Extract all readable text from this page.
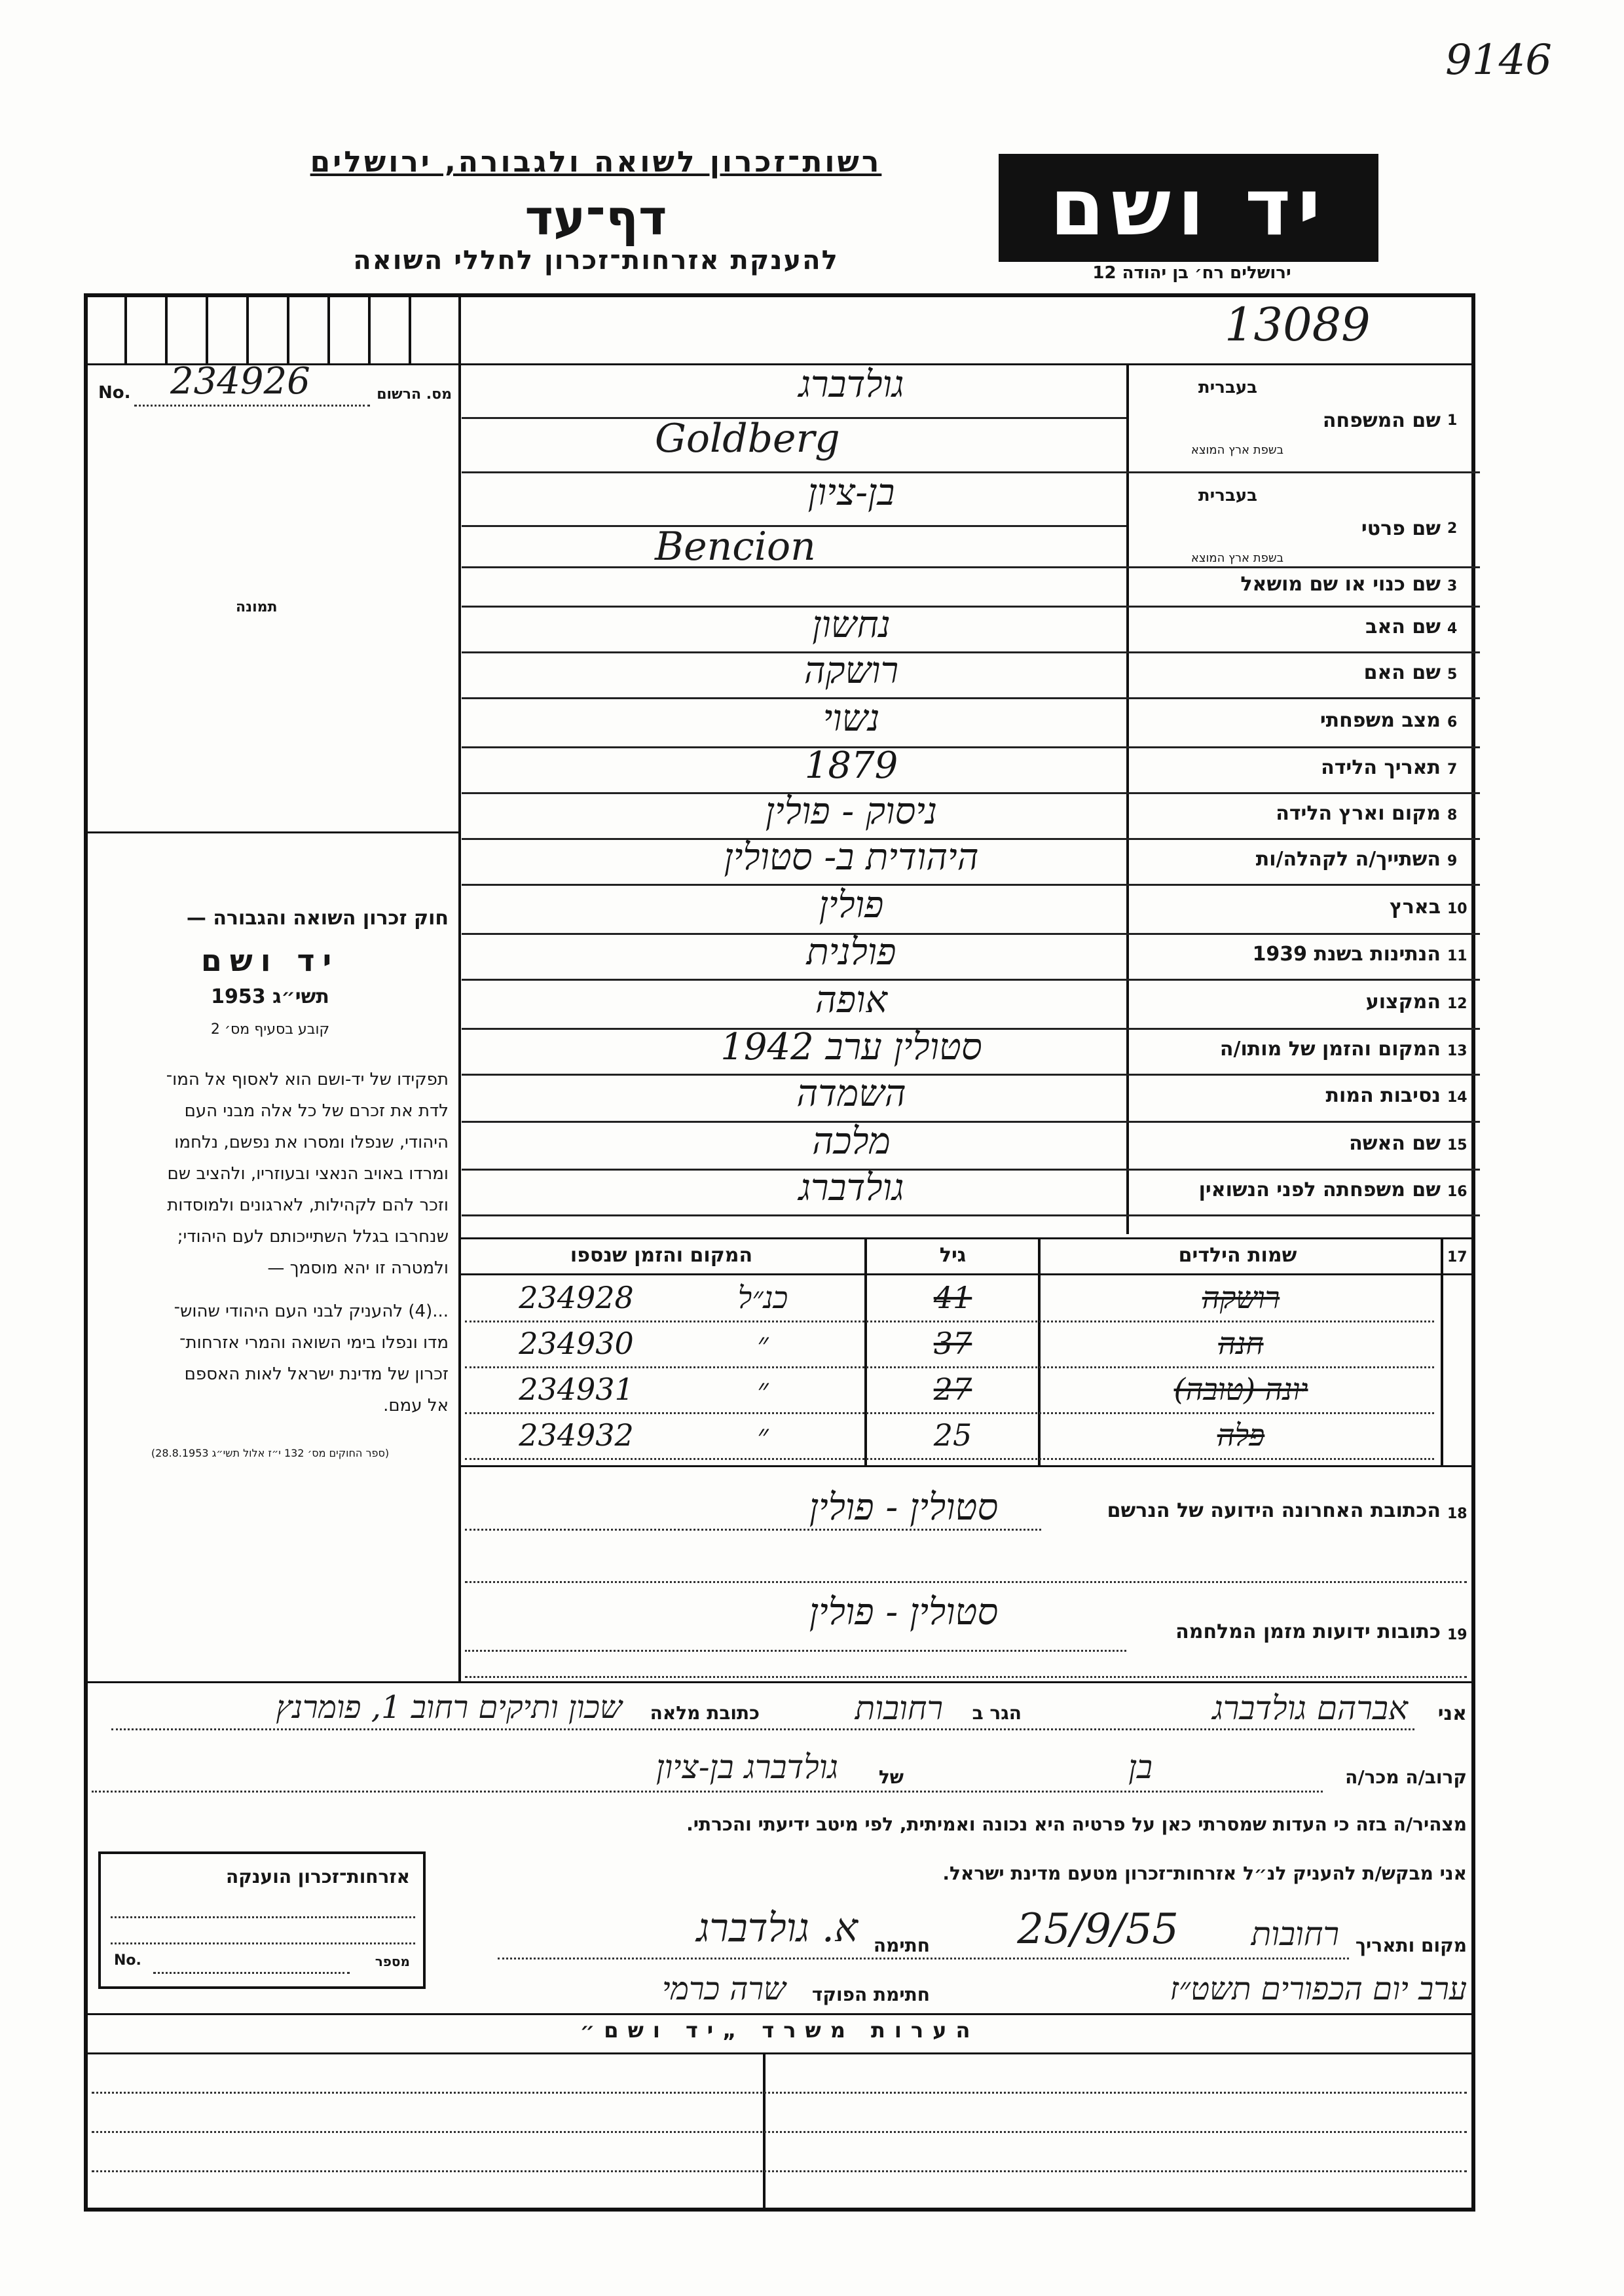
9146
רשות־זכרון לשואה ולגבורה, ירושלים
דף־עד
להענקת אזרחות־זכרון לחללי השואה
יד ושם
ירושלים רח׳ בן יהודה 12
13089
No. 234926	מס. הרשום
תמונה
1
שם המשפחה
בעברית
בשפת ארץ המוצא
Goldberg
גולדברג
2
שם פרטי
בעברית
בשפת ארץ המוצא
Bencion
בן-ציון
3
שם כנוי או שם מושאל
4
שם האב
נחשון
5
שם האם
רושקה
6
מצב משפחתי
נשוי
7
תאריך הלידה
1879
8
מקום וארץ הלידה
ניסוק - פולין
9
השתייך/ה לקהלה/ות
היהודית ב- סטולין
10
בארץ
פולין
11
הנתינות בשנת 1939
פולנית
12
המקצוע
אופה
13
המקום והזמן של מותו/ה
סטולין ערב 1942
14
נסיבות המות
השמדה
15
שם האשה
מלכה
16
שם משפחתה לפני הנשואין
גולדברג
חוק זכרון השואה והגבורה —
יד ושם
תשי״ג 1953
קובע בסעיף מס׳ 2
תפקידו של יד-ושם הוא לאסוף אל המו־
לדת את זכרם של כל אלה מבני העם
היהודי, שנפלו ומסרו את נפשם, נלחמו
ומרדו באויב הנאצי ובעוזריו, ולהציב שם
וזכר להם לקהילות, לארגונים ולמוסדות
שנחרבו בגלל השתייכותם לעם היהודי;
ולמטרה זו יהא מוסמך —
...(4) להעניק לבני העם היהודי שהוש־
מדו ונפלו בימי השואה והמרי אזרחות־
זכרון של מדינת ישראל לאות האספם
אל עמם.
(ספר החוקים מס׳ 132 י״ז אלול תשי״ג 28.8.1953)
17
שמות הילדים
גיל
המקום והזמן שנספו
רושקה
41
כנ״ל
234928
חנה
37
״
234930
יונה (טובה)
27
״
234931
פלה
25
״
234932
18
הכתובת האחרונה הידועה של הנרשם
סטולין - פולין
19
כתובות ידועות מזמן המלחמה
סטולין - פולין
אני
אברהם גולדברג
הגר ב
רחובות
כתובת מלאה
שכון ותיקים רחוב 1, פומרנץ
קרוב/ה מכר/ה
בן
של
גולדברג בן-ציון
מצהיר/ה בזה כי העדות שמסרתי כאן על פרטיה היא נכונה ואמיתית, לפי מיטב ידיעתי והכרתי.
אני מבקש/ת להעניק לנ״ל אזרחות־זכרון מטעם מדינת ישראל.
מקום ותאריך
רחובות
25/9/55
חתימה
א. גולדברג
ערב יום הכפורים תשט״ז
חתימת הפוקד
שרה כרמי
אזרחות־זכרון הוענקה
No.	מספר
הערות משרד „יד ושם״
